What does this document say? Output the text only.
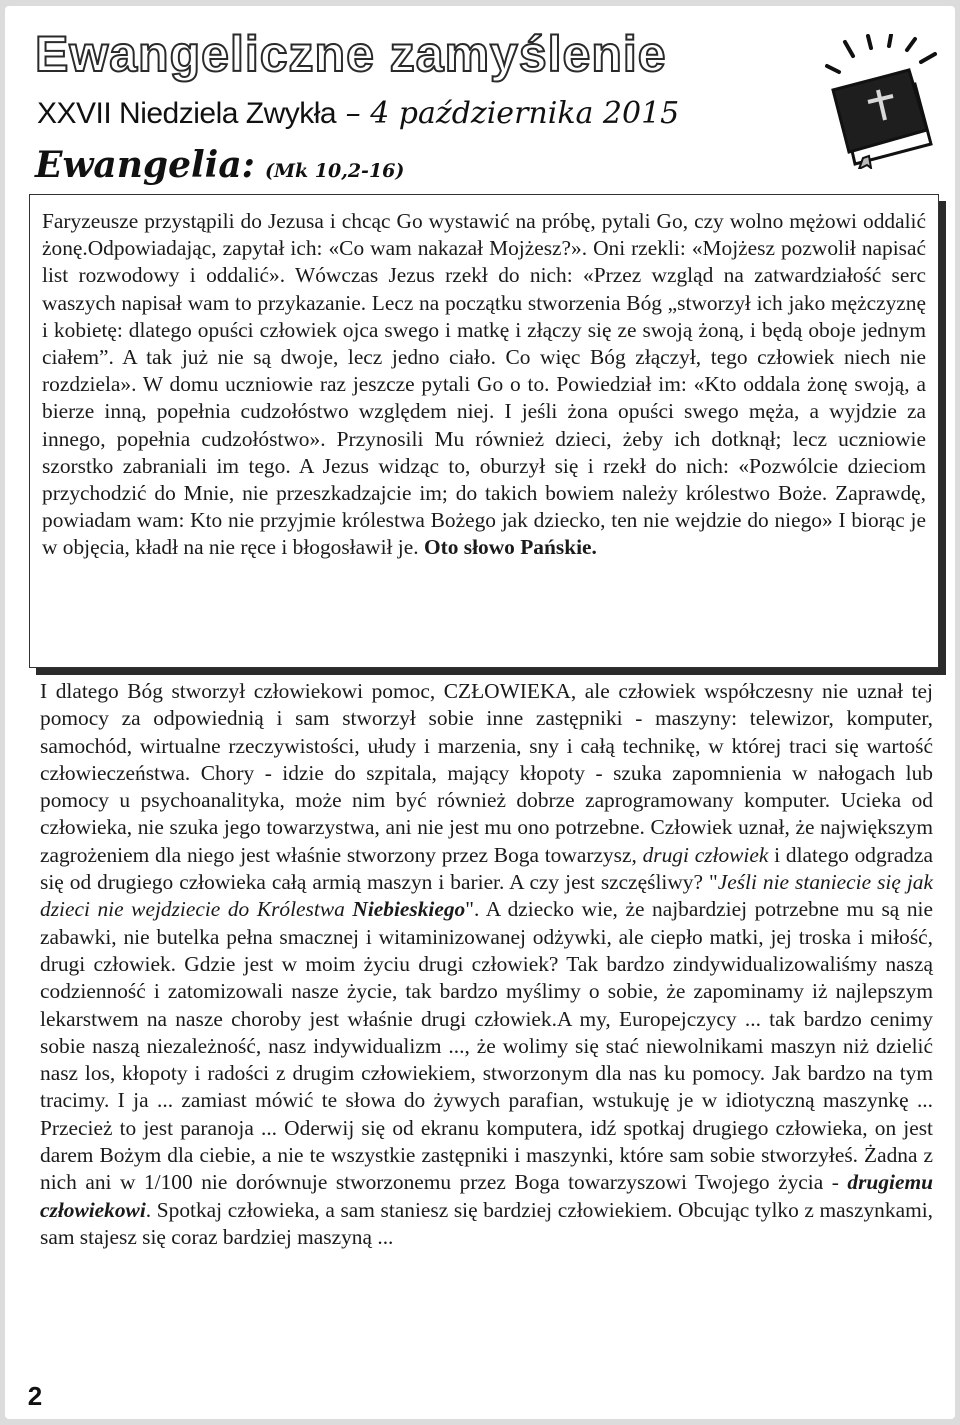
Ewangeliczne zamyślenie
XXVII Niedziela Zwykła – 4 października 2015
Ewangelia: (Mk 10,2-16)

Faryzeusze przystąpili do Jezusa i chcąc Go wystawić na próbę, pytali Go, czy wolno mężowi oddalić żonę.Odpowiadając, zapytał ich: «Co wam nakazał Mojżesz?». Oni rzekli: «Mojżesz pozwolił napisać list rozwodowy i oddalić». Wówczas Jezus rzekł do nich: «Przez wzgląd na zatwardziałość serc waszych napisał wam to przykazanie. Lecz na początku stworzenia Bóg „stworzył ich jako mężczyznę i kobietę: dlatego opuści człowiek ojca swego i matkę i złączy się ze swoją żoną, i będą oboje jednym ciałem”. A tak już nie są dwoje, lecz jedno ciało. Co więc Bóg złączył, tego człowiek niech nie rozdziela». W domu uczniowie raz jeszcze pytali Go o to. Powiedział im: «Kto oddala żonę swoją, a bierze inną, popełnia cudzołóstwo względem niej. I jeśli żona opuści swego męża, a wyjdzie za innego, popełnia cudzołóstwo». Przynosili Mu również dzieci, żeby ich dotknął; lecz uczniowie szorstko zabraniali im tego. A Jezus widząc to, oburzył się i rzekł do nich: «Pozwólcie dzieciom przychodzić do Mnie, nie przeszkadzajcie im; do takich bowiem należy królestwo Boże. Zaprawdę, powiadam wam: Kto nie przyjmie królestwa Bożego jak dziecko, ten nie wejdzie do niego» I biorąc je w objęcia, kładł na nie ręce i błogosławił je. Oto słowo Pańskie.

I dlatego Bóg stworzył człowiekowi pomoc, CZŁOWIEKA, ale człowiek współczesny nie uznał tej pomocy za odpowiednią i sam stworzył sobie inne zastępniki - maszyny: telewizor, komputer, samochód, wirtualne rzeczywistości, ułudy i marzenia, sny i całą technikę, w której traci się wartość człowieczeństwa. Chory - idzie do szpitala, mający kłopoty - szuka zapomnienia w nałogach lub pomocy u psychoanalityka, może nim być również dobrze zaprogramowany komputer. Ucieka od człowieka, nie szuka jego towarzystwa, ani nie jest mu ono potrzebne. Człowiek uznał, że największym zagrożeniem dla niego jest właśnie stworzony przez Boga towarzysz, drugi człowiek i dlatego odgradza się od drugiego człowieka całą armią maszyn i barier. A czy jest szczęśliwy? "Jeśli nie staniecie się jak dzieci nie wejdziecie do Królestwa Niebieskiego". A dziecko wie, że najbardziej potrzebne mu są nie zabawki, nie butelka pełna smacznej i witaminizowanej odżywki, ale ciepło matki, jej troska i miłość, drugi człowiek. Gdzie jest w moim życiu drugi człowiek? Tak bardzo zindywidualizowaliśmy naszą codzienność i zatomizowali nasze życie, tak bardzo myślimy o sobie, że zapominamy iż najlepszym lekarstwem na nasze choroby jest właśnie drugi człowiek.A my, Europejczycy ... tak bardzo cenimy sobie naszą niezależność, nasz indywidualizm ..., że wolimy się stać niewolnikami maszyn niż dzielić nasz los, kłopoty i radości z drugim człowiekiem, stworzonym dla nas ku pomocy. Jak bardzo na tym tracimy. I ja ... zamiast mówić te słowa do żywych parafian, wstukuję je w idiotyczną maszynkę ... Przecież to jest paranoja ... Oderwij się od ekranu komputera, idź spotkaj drugiego człowieka, on jest darem Bożym dla ciebie, a nie te wszystkie zastępniki i maszynki, które sam sobie stworzyłeś. Żadna z nich ani w 1/100 nie dorównuje stworzonemu przez Boga towarzyszowi Twojego życia - drugiemu człowiekowi. Spotkaj człowieka, a sam staniesz się bardziej człowiekiem. Obcując tylko z maszynkami, sam stajesz się coraz bardziej maszyną ...

2
